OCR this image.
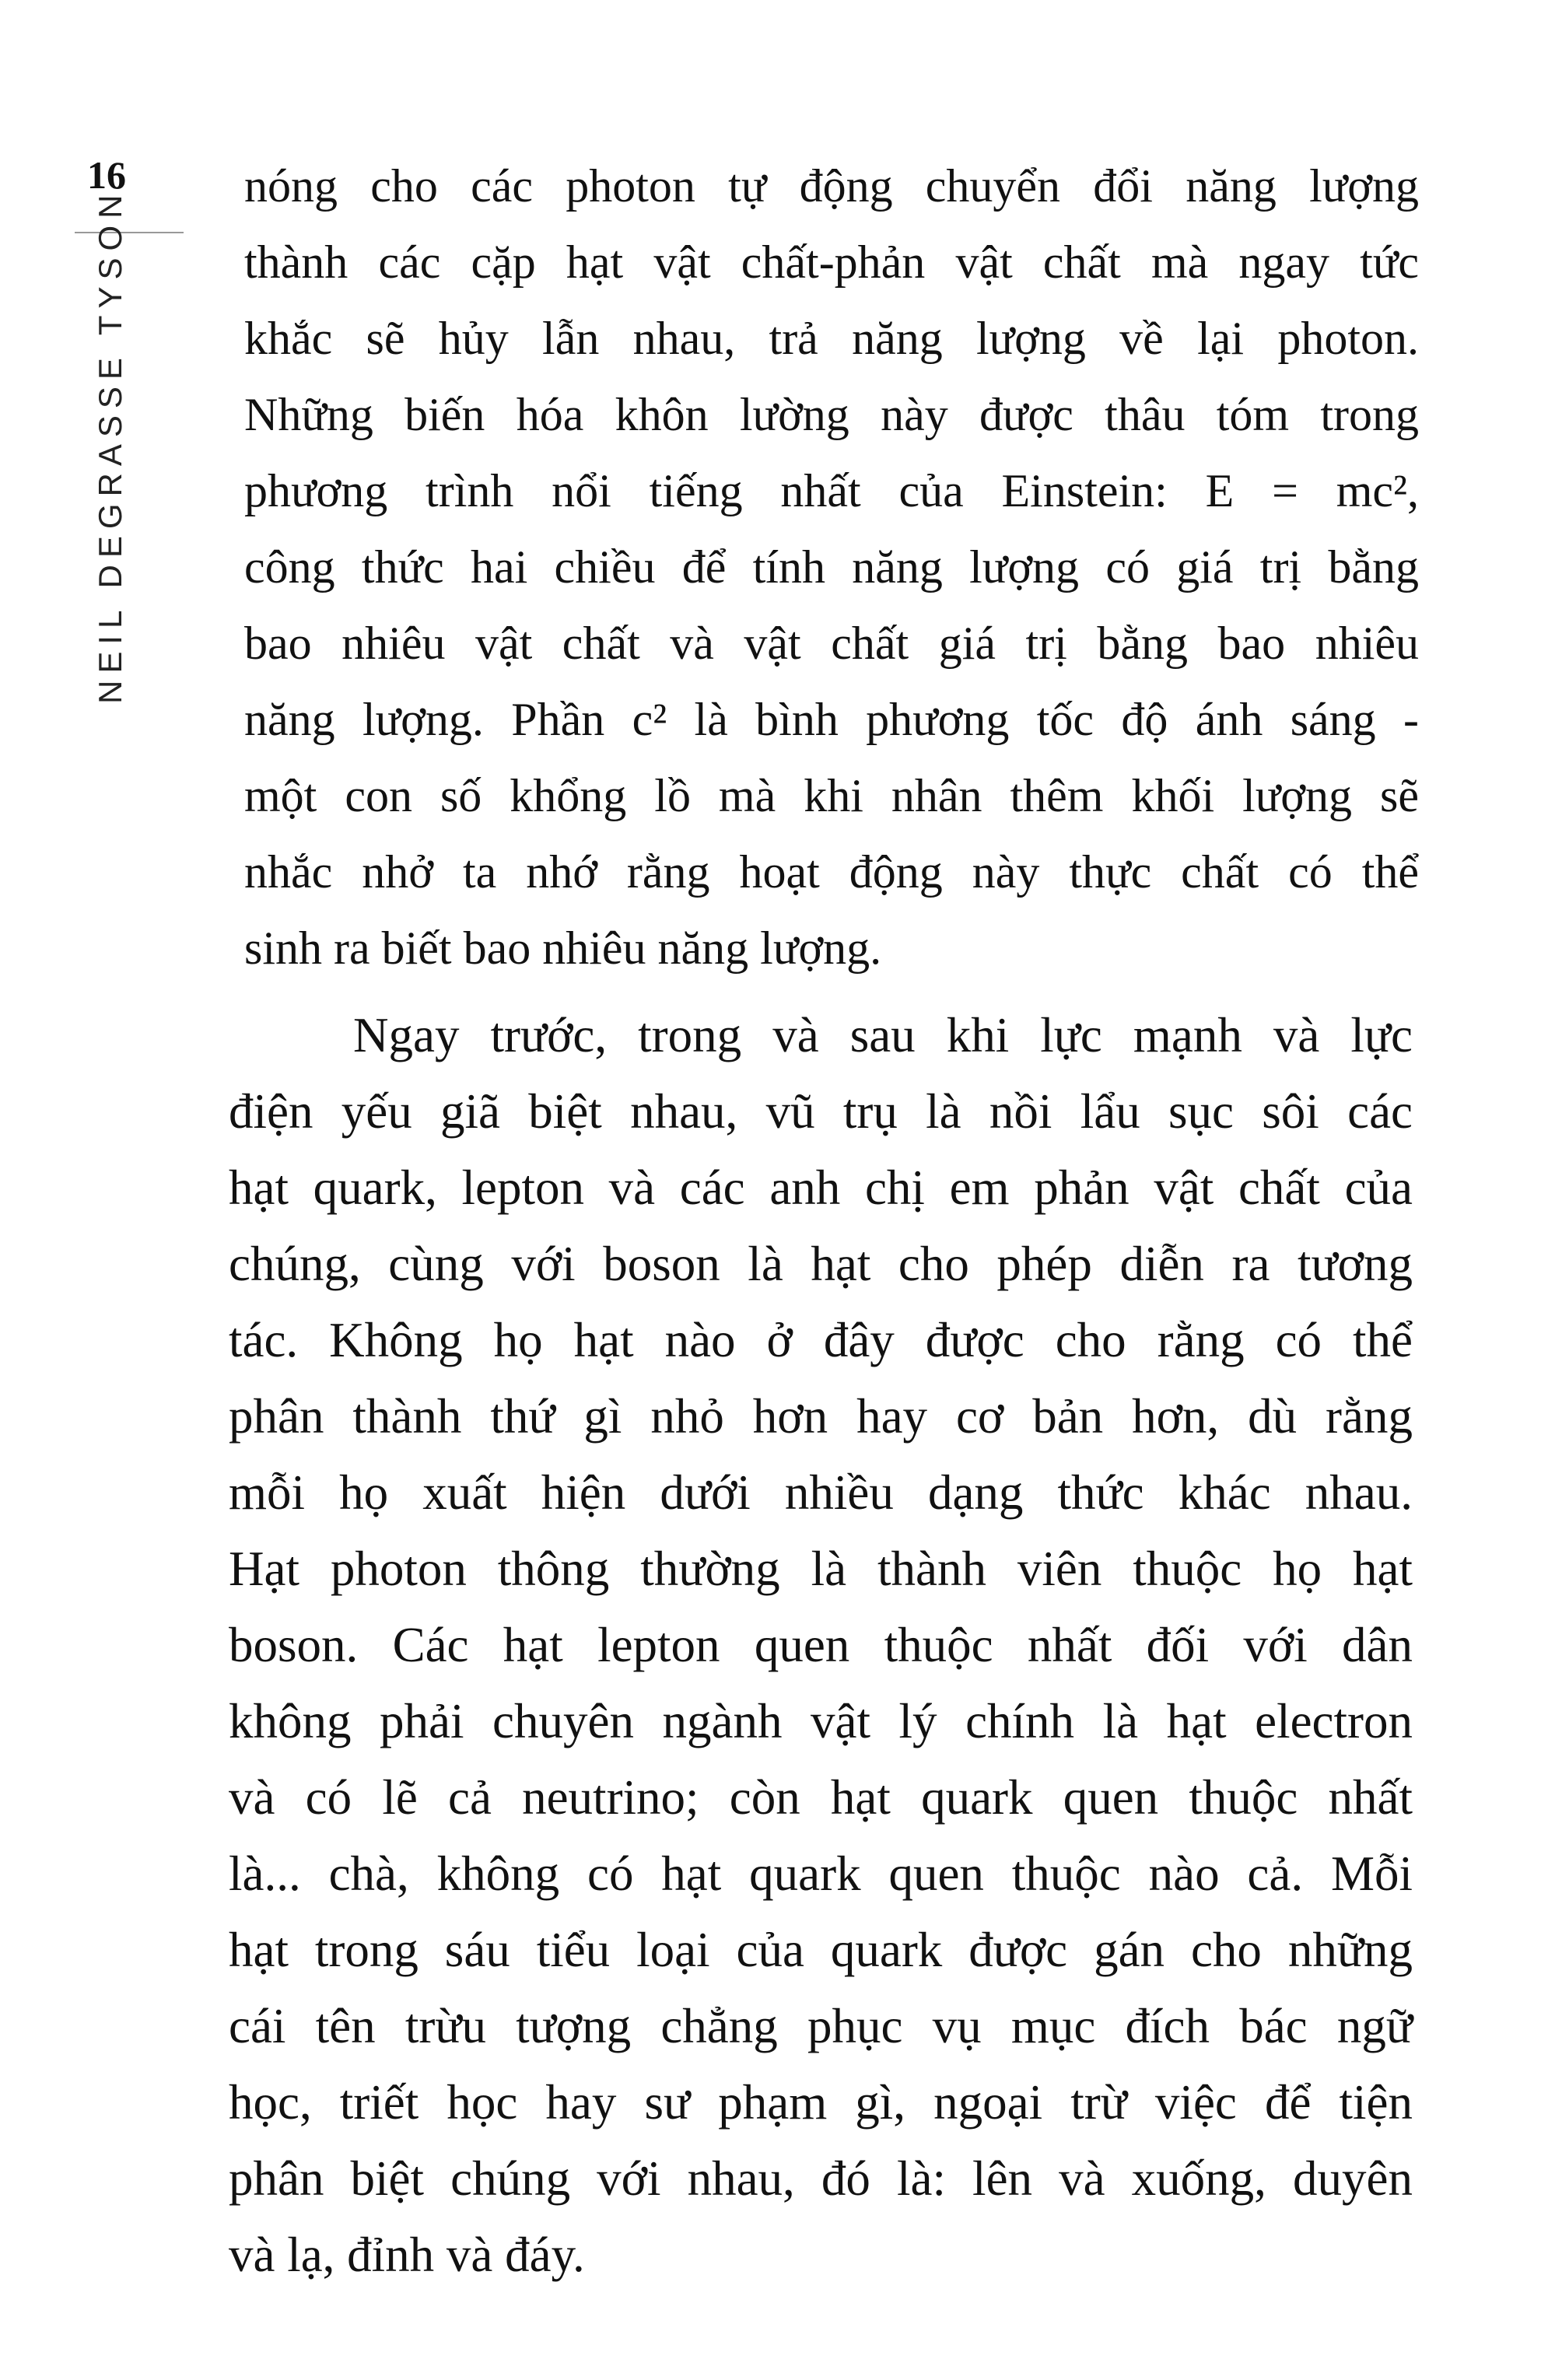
16
NEIL DEGRASSE TYSON
nóng cho các photon tự động chuyển đổi năng lượng
thành các cặp hạt vật chất-phản vật chất mà ngay tức
khắc sẽ hủy lẫn nhau, trả năng lượng về lại photon.
Những biến hóa khôn lường này được thâu tóm trong
phương trình nổi tiếng nhất của Einstein: E = mc²,
công thức hai chiều để tính năng lượng có giá trị bằng
bao nhiêu vật chất và vật chất giá trị bằng bao nhiêu
năng lượng. Phần c² là bình phương tốc độ ánh sáng -
một con số khổng lồ mà khi nhân thêm khối lượng sẽ
nhắc nhở ta nhớ rằng hoạt động này thực chất có thể
sinh ra biết bao nhiêu năng lượng.
Ngay trước, trong và sau khi lực mạnh và lực
điện yếu giã biệt nhau, vũ trụ là nồi lẩu sục sôi các
hạt quark, lepton và các anh chị em phản vật chất của
chúng, cùng với boson là hạt cho phép diễn ra tương
tác. Không họ hạt nào ở đây được cho rằng có thể
phân thành thứ gì nhỏ hơn hay cơ bản hơn, dù rằng
mỗi họ xuất hiện dưới nhiều dạng thức khác nhau.
Hạt photon thông thường là thành viên thuộc họ hạt
boson. Các hạt lepton quen thuộc nhất đối với dân
không phải chuyên ngành vật lý chính là hạt electron
và có lẽ cả neutrino; còn hạt quark quen thuộc nhất
là... chà, không có hạt quark quen thuộc nào cả. Mỗi
hạt trong sáu tiểu loại của quark được gán cho những
cái tên trừu tượng chẳng phục vụ mục đích bác ngữ
học, triết học hay sư phạm gì, ngoại trừ việc để tiện
phân biệt chúng với nhau, đó là: lên và xuống, duyên
và lạ, đỉnh và đáy.
